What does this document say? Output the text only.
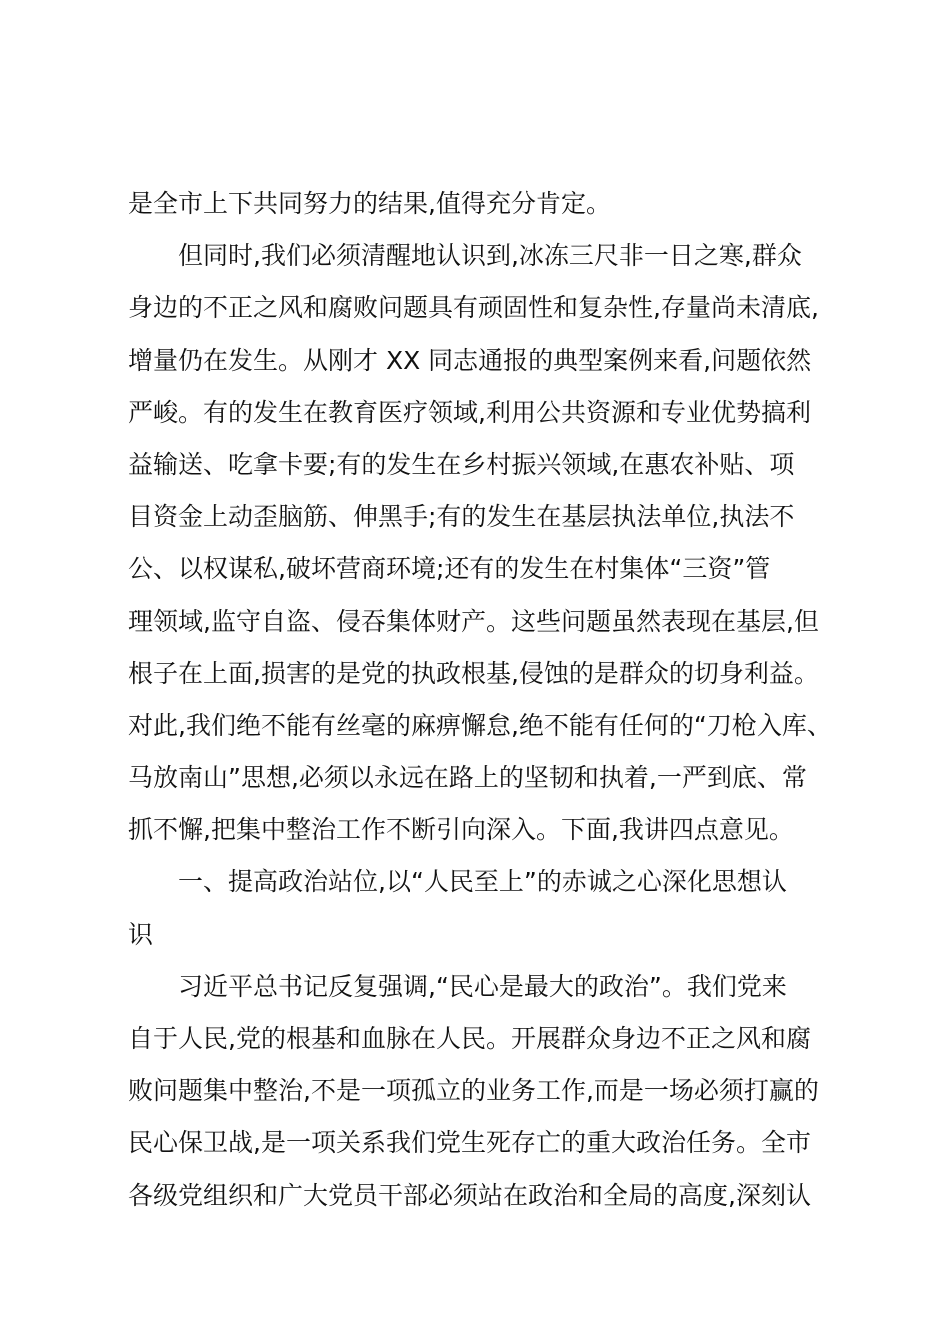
是全市上下共同努力的结果,值得充分肯定。
但同时,我们必须清醒地认识到,冰冻三尺非一日之寒,群众
身边的不正之风和腐败问题具有顽固性和复杂性,存量尚未清底,
增量仍在发生。从刚才 XX 同志通报的典型案例来看,问题依然
严峻。有的发生在教育医疗领域,利用公共资源和专业优势搞利
益输送、吃拿卡要;有的发生在乡村振兴领域,在惠农补贴、项
目资金上动歪脑筋、伸黑手;有的发生在基层执法单位,执法不
公、以权谋私,破坏营商环境;还有的发生在村集体“三资”管
理领域,监守自盗、侵吞集体财产。这些问题虽然表现在基层,但
根子在上面,损害的是党的执政根基,侵蚀的是群众的切身利益。
对此,我们绝不能有丝毫的麻痹懈怠,绝不能有任何的“刀枪入库、
马放南山”思想,必须以永远在路上的坚韧和执着,一严到底、常
抓不懈,把集中整治工作不断引向深入。下面,我讲四点意见。
一、提高政治站位,以“人民至上”的赤诚之心深化思想认
识
习近平总书记反复强调,“民心是最大的政治”。我们党来
自于人民,党的根基和血脉在人民。开展群众身边不正之风和腐
败问题集中整治,不是一项孤立的业务工作,而是一场必须打赢的
民心保卫战,是一项关系我们党生死存亡的重大政治任务。全市
各级党组织和广大党员干部必须站在政治和全局的高度,深刻认
